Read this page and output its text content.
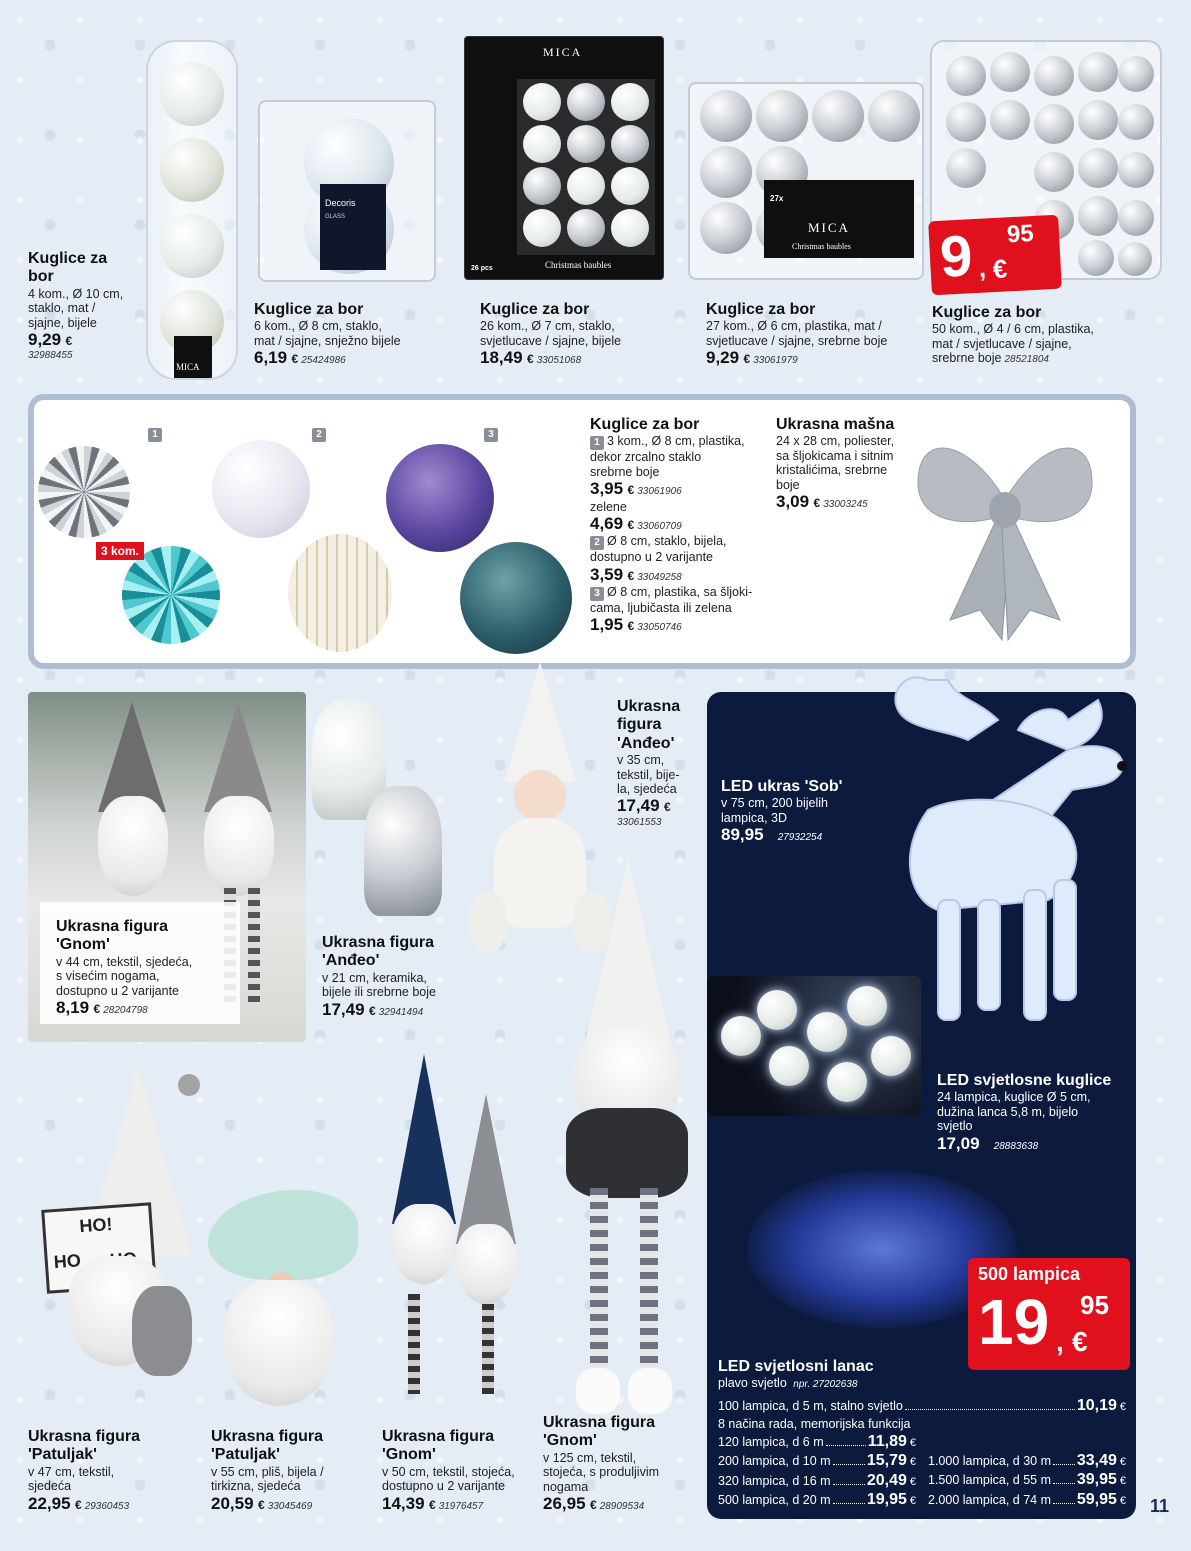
MICA
Decoris
GLASS
MICA
Christmas baubles
26 pcs
27x
MICA
Christmas baubles 9 ,
95
€
Kuglice za bor
4 kom., Ø 10 cm,
staklo, mat /
sjajne, bijele
9,29 €
32988455
Kuglice za bor
6 kom., Ø 8 cm, staklo,
mat / sjajne, snježno bijele
6,19 € 25424986
Kuglice za bor
26 kom., Ø 7 cm, staklo,
svjetlucave / sjajne, bijele
18,49 € 33051068
Kuglice za bor
27 kom., Ø 6 cm, plastika, mat /
svjetlucave / sjajne, srebrne boje
9,29 € 33061979
Kuglice za bor
50 kom., Ø 4 / 6 cm, plastika,
mat / svjetlucave / sjajne,
srebrne boje 28521804
3 kom.
1	2	3
Kuglice za bor
1 3 kom., Ø 8 cm, plastika,
dekor zrcalno staklo
srebrne boje
3,95 € 33061906
zelene
4,69 € 33060709
2 Ø 8 cm, staklo, bijela,
dostupno u 2 varijante
3,59 € 33049258
3 Ø 8 cm, plastika, sa šljoki-
cama, ljubičasta ili zelena
1,95 € 33050746
Ukrasna mašna
24 x 28 cm, poliester,
sa šljokicama i sitnim
kristalićima, srebrne
boje
3,09 € 33003245
Ukrasna figura
'Gnom'
v 44 cm, tekstil, sjedeća,
s visećim nogama,
dostupno u 2 varijante
8,19 € 28204798
Ukrasna figura
'Anđeo'
v 21 cm, keramika,
bijele ili srebrne boje
17,49 € 32941494
Ukrasna
figura
'Anđeo'
v 35 cm,
tekstil, bije-
la, sjedeća
17,49 €
33061553
HO!
HO
Ukrasna figura
'Patuljak'
v 47 cm, tekstil,
sjedeća
22,95 € 29360453
Ukrasna figura
'Patuljak'
v 55 cm, pliš, bijela /
tirkizna, sjedeća
20,59 € 33045469
Ukrasna figura
'Gnom'
v 50 cm, tekstil, stojeća,
dostupno u 2 varijante
14,39 € 31976457
Ukrasna figura
'Gnom'
v 125 cm, tekstil,
stojeća, s produljivim
nogama
26,95 € 28909534
LED ukras 'Sob'
v 75 cm, 200 bijelih
lampica, 3D
89,95 € 27932254
LED svjetlosne kuglice
24 lampica, kuglice Ø 5 cm,
dužina lanca 5,8 m, bijelo
svjetlo
17,09 € 28883638
500 lampica
19 ,
95
€
LED svjetlosni lanac
plavo svjetlo npr. 27202638
100 lampica, d 5 m, stalno svjetlo	10,19 €
8 načina rada, memorijska funkcija
120 lampica, d 6 m	11,89 €
200 lampica, d 10 m 15,79 €
320 lampica, d 16 m 20,49 €
500 lampica, d 20 m 19,95 €
1.000 lampica, d 30 m 33,49 €
1.500 lampica, d 55 m 39,95 €
2.000 lampica, d 74 m 59,95 € 11
